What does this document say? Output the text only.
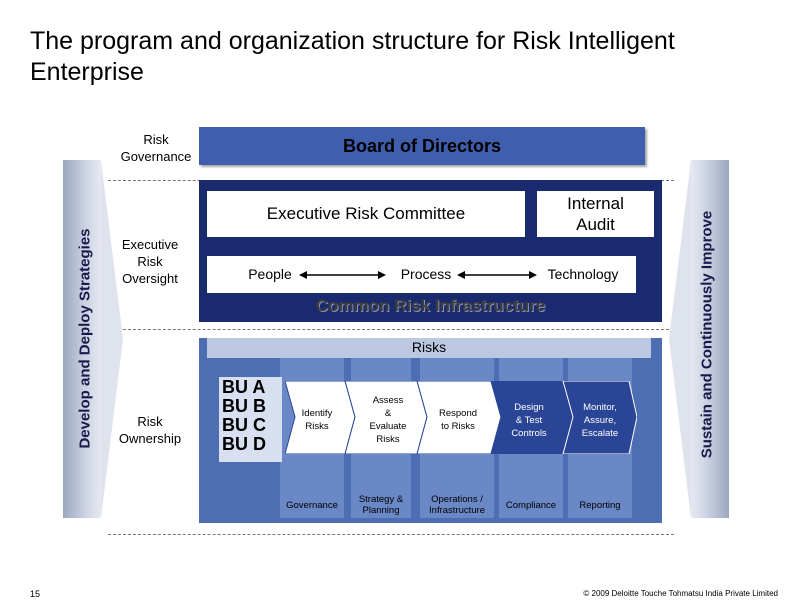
The program and organization structure for Risk Intelligent Enterprise
Develop and Deploy Strategies	Sustain and Continuously Improve
Risk
Governance
Executive
Risk
Oversight
Risk
Ownership
Board of Directors
Executive Risk Committee
Internal
Audit
People	Process	Technology
Common Risk Infrastructure
Risks
BU A
BU B
BU C
BU D
Identify
Risks
Assess
&
Evaluate
Risks
Respond
to Risks
Design
& Test
Controls
Monitor,
Assure,
Escalate
Governance
Strategy &
Planning
Operations /
Infrastructure	Compliance	Reporting
15	© 2009 Deloitte Touche Tohmatsu India Private Limited
